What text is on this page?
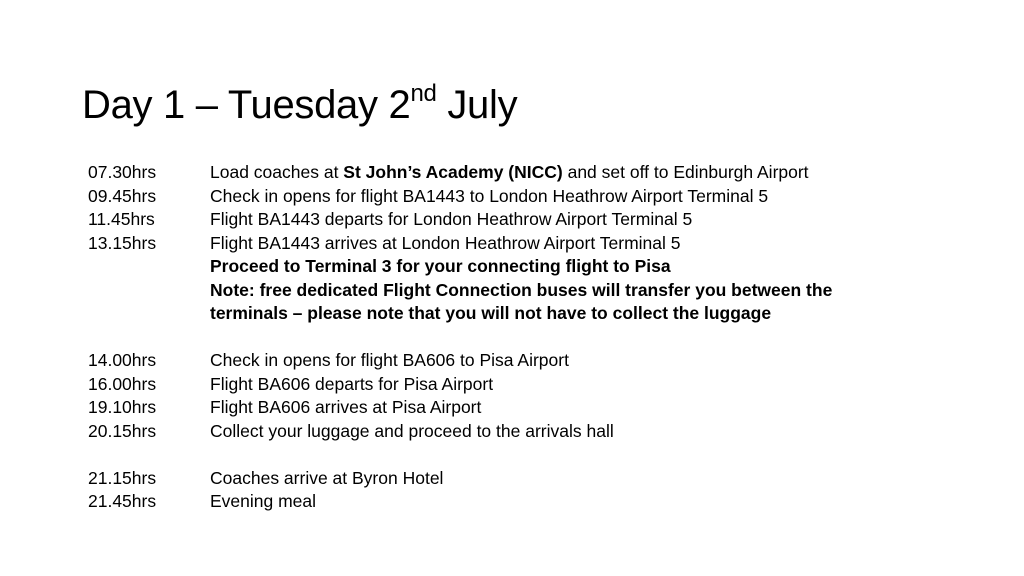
Day 1 – Tuesday 2nd July
07.30hrs	Load coaches at St John’s Academy (NICC) and set off to Edinburgh Airport
09.45hrs	Check in opens for flight BA1443 to London Heathrow Airport Terminal 5
11.45hrs	Flight BA1443 departs for London Heathrow Airport Terminal 5
13.15hrs	Flight BA1443 arrives at London Heathrow Airport Terminal 5
Proceed to Terminal 3 for your connecting flight to Pisa
Note: free dedicated Flight Connection buses will transfer you between the
terminals – please note that you will not have to collect the luggage
14.00hrs	Check in opens for flight BA606 to Pisa Airport
16.00hrs	Flight BA606 departs for Pisa Airport
19.10hrs	Flight BA606 arrives at Pisa Airport
20.15hrs	Collect your luggage and proceed to the arrivals hall
21.15hrs	Coaches arrive at Byron Hotel
21.45hrs	Evening meal
